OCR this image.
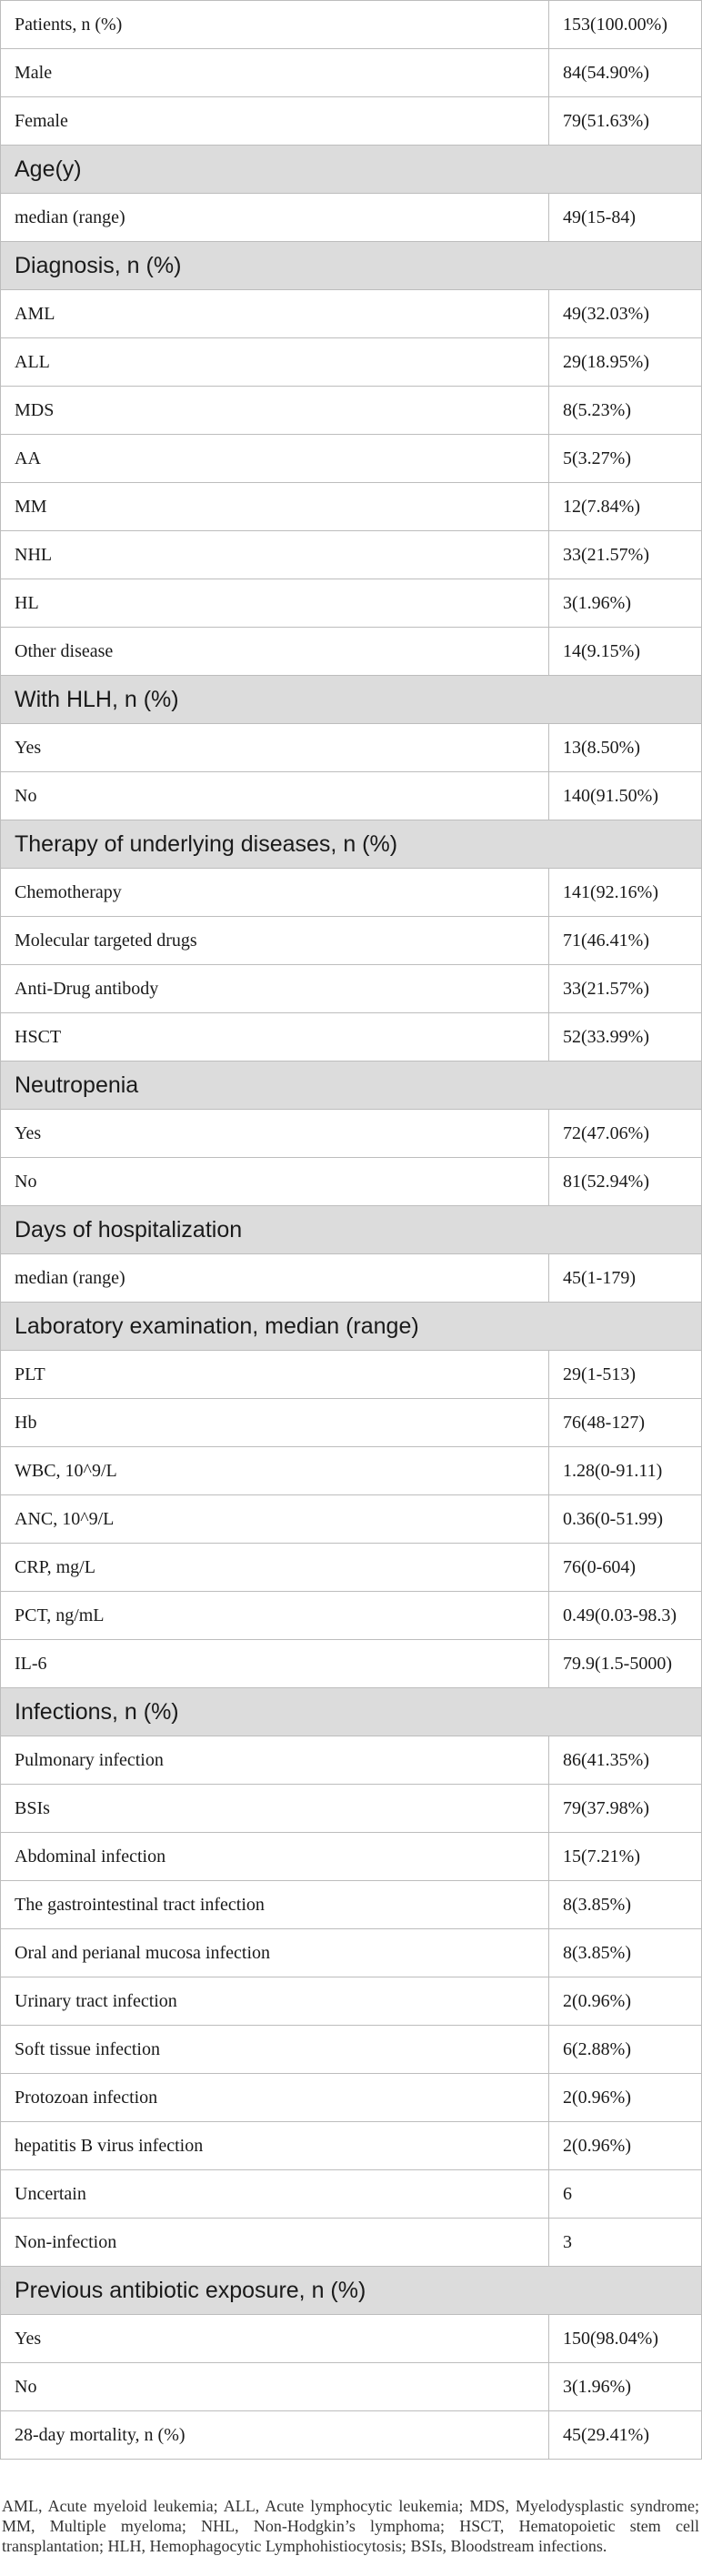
Patients, n (%)	153(100.00%)
Male	84(54.90%)
Female	79(51.63%)
Age(y)	
median (range)	49(15-84)
Diagnosis, n (%)	
AML	49(32.03%)
ALL	29(18.95%)
MDS	8(5.23%)
AA	5(3.27%)
MM	12(7.84%)
NHL	33(21.57%)
HL	3(1.96%)
Other disease	14(9.15%)
With HLH, n (%)	
Yes	13(8.50%)
No	140(91.50%)
Therapy of underlying diseases, n (%)	
Chemotherapy	141(92.16%)
Molecular targeted drugs	71(46.41%)
Anti-Drug antibody	33(21.57%)
HSCT	52(33.99%)
Neutropenia	
Yes	72(47.06%)
No	81(52.94%)
Days of hospitalization	
median (range)	45(1-179)
Laboratory examination, median (range)	
PLT	29(1-513)
Hb	76(48-127)
WBC, 10^9/L	1.28(0-91.11)
ANC, 10^9/L	0.36(0-51.99)
CRP, mg/L	76(0-604)
PCT, ng/mL	0.49(0.03-98.3)
IL-6	79.9(1.5-5000)
Infections, n (%)	
Pulmonary infection	86(41.35%)
BSIs	79(37.98%)
Abdominal infection	15(7.21%)
The gastrointestinal tract infection	8(3.85%)
Oral and perianal mucosa infection	8(3.85%)
Urinary tract infection	2(0.96%)
Soft tissue infection	6(2.88%)
Protozoan infection	2(0.96%)
hepatitis B virus infection	2(0.96%)
Uncertain	6
Non-infection	3
Previous antibiotic exposure, n (%)	
Yes	150(98.04%)
No	3(1.96%)
28-day mortality, n (%)	45(29.41%)
AML, Acute myeloid leukemia; ALL, Acute lymphocytic leukemia; MDS, Myelodysplastic syndrome; MM, Multiple myeloma; NHL, Non-Hodgkin’s lymphoma; HSCT, Hematopoietic stem cell transplantation; HLH, Hemophagocytic Lymphohistiocytosis; BSIs, Bloodstream infections.
